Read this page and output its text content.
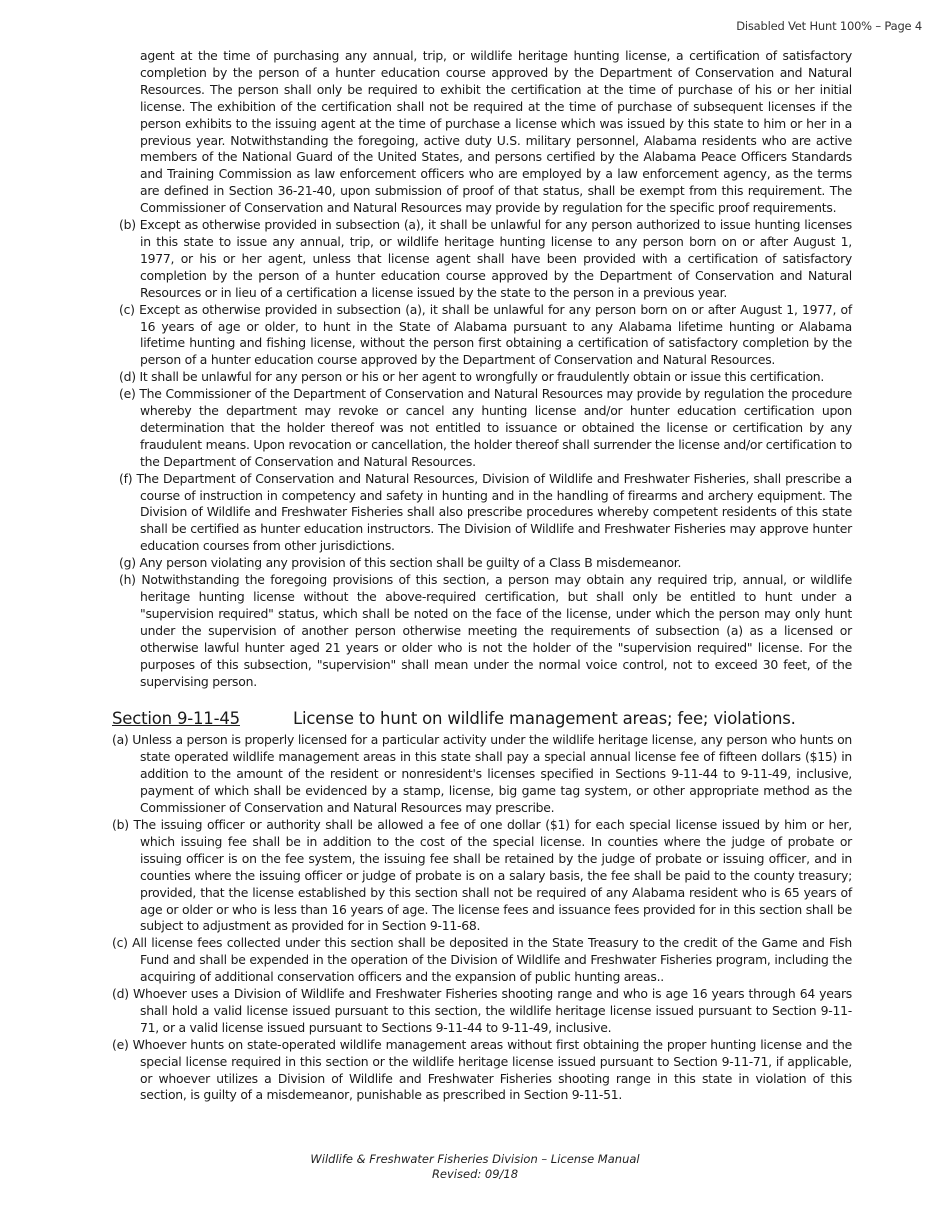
Disabled Vet Hunt 100% – Page 4
agent at the time of purchasing any annual, trip, or wildlife heritage hunting license, a certification of satisfactory completion by the person of a hunter education course approved by the Department of Conservation and Natural Resources. The person shall only be required to exhibit the certification at the time of purchase of his or her initial license. The exhibition of the certification shall not be required at the time of purchase of subsequent licenses if the person exhibits to the issuing agent at the time of purchase a license which was issued by this state to him or her in a previous year. Notwithstanding the foregoing, active duty U.S. military personnel, Alabama residents who are active members of the National Guard of the United States, and persons certified by the Alabama Peace Officers Standards and Training Commission as law enforcement officers who are employed by a law enforcement agency, as the terms are defined in Section 36-21-40, upon submission of proof of that status, shall be exempt from this requirement. The Commissioner of Conservation and Natural Resources may provide by regulation for the specific proof requirements.
(b) Except as otherwise provided in subsection (a), it shall be unlawful for any person authorized to issue hunting licenses in this state to issue any annual, trip, or wildlife heritage hunting license to any person born on or after August 1, 1977, or his or her agent, unless that license agent shall have been provided with a certification of satisfactory completion by the person of a hunter education course approved by the Department of Conservation and Natural Resources or in lieu of a certification a license issued by the state to the person in a previous year.
(c) Except as otherwise provided in subsection (a), it shall be unlawful for any person born on or after August 1, 1977, of 16 years of age or older, to hunt in the State of Alabama pursuant to any Alabama lifetime hunting or Alabama lifetime hunting and fishing license, without the person first obtaining a certification of satisfactory completion by the person of a hunter education course approved by the Department of Conservation and Natural Resources.
(d) It shall be unlawful for any person or his or her agent to wrongfully or fraudulently obtain or issue this certification.
(e) The Commissioner of the Department of Conservation and Natural Resources may provide by regulation the procedure whereby the department may revoke or cancel any hunting license and/or hunter education certification upon determination that the holder thereof was not entitled to issuance or obtained the license or certification by any fraudulent means. Upon revocation or cancellation, the holder thereof shall surrender the license and/or certification to the Department of Conservation and Natural Resources.
(f) The Department of Conservation and Natural Resources, Division of Wildlife and Freshwater Fisheries, shall prescribe a course of instruction in competency and safety in hunting and in the handling of firearms and archery equipment. The Division of Wildlife and Freshwater Fisheries shall also prescribe procedures whereby competent residents of this state shall be certified as hunter education instructors. The Division of Wildlife and Freshwater Fisheries may approve hunter education courses from other jurisdictions.
(g) Any person violating any provision of this section shall be guilty of a Class B misdemeanor.
(h) Notwithstanding the foregoing provisions of this section, a person may obtain any required trip, annual, or wildlife heritage hunting license without the above-required certification, but shall only be entitled to hunt under a "supervision required" status, which shall be noted on the face of the license, under which the person may only hunt under the supervision of another person otherwise meeting the requirements of subsection (a) as a licensed or otherwise lawful hunter aged 21 years or older who is not the holder of the "supervision required" license. For the purposes of this subsection, "supervision" shall mean under the normal voice control, not to exceed 30 feet, of the supervising person.
Section 9-11-45	License to hunt on wildlife management areas; fee; violations.
(a) Unless a person is properly licensed for a particular activity under the wildlife heritage license, any person who hunts on state operated wildlife management areas in this state shall pay a special annual license fee of fifteen dollars ($15) in addition to the amount of the resident or nonresident's licenses specified in Sections 9-11-44 to 9-11-49, inclusive, payment of which shall be evidenced by a stamp, license, big game tag system, or other appropriate method as the Commissioner of Conservation and Natural Resources may prescribe.
(b) The issuing officer or authority shall be allowed a fee of one dollar ($1) for each special license issued by him or her, which issuing fee shall be in addition to the cost of the special license. In counties where the judge of probate or issuing officer is on the fee system, the issuing fee shall be retained by the judge of probate or issuing officer, and in counties where the issuing officer or judge of probate is on a salary basis, the fee shall be paid to the county treasury; provided, that the license established by this section shall not be required of any Alabama resident who is 65 years of age or older or who is less than 16 years of age. The license fees and issuance fees provided for in this section shall be subject to adjustment as provided for in Section 9-11-68.
(c) All license fees collected under this section shall be deposited in the State Treasury to the credit of the Game and Fish Fund and shall be expended in the operation of the Division of Wildlife and Freshwater Fisheries program, including the acquiring of additional conservation officers and the expansion of public hunting areas..
(d) Whoever uses a Division of Wildlife and Freshwater Fisheries shooting range and who is age 16 years through 64 years shall hold a valid license issued pursuant to this section, the wildlife heritage license issued pursuant to Section 9-11-71, or a valid license issued pursuant to Sections 9-11-44 to 9-11-49, inclusive.
(e) Whoever hunts on state-operated wildlife management areas without first obtaining the proper hunting license and the special license required in this section or the wildlife heritage license issued pursuant to Section 9-11-71, if applicable, or whoever utilizes a Division of Wildlife and Freshwater Fisheries shooting range in this state in violation of this section, is guilty of a misdemeanor, punishable as prescribed in Section 9-11-51.
Wildlife & Freshwater Fisheries Division – License Manual
Revised: 09/18
